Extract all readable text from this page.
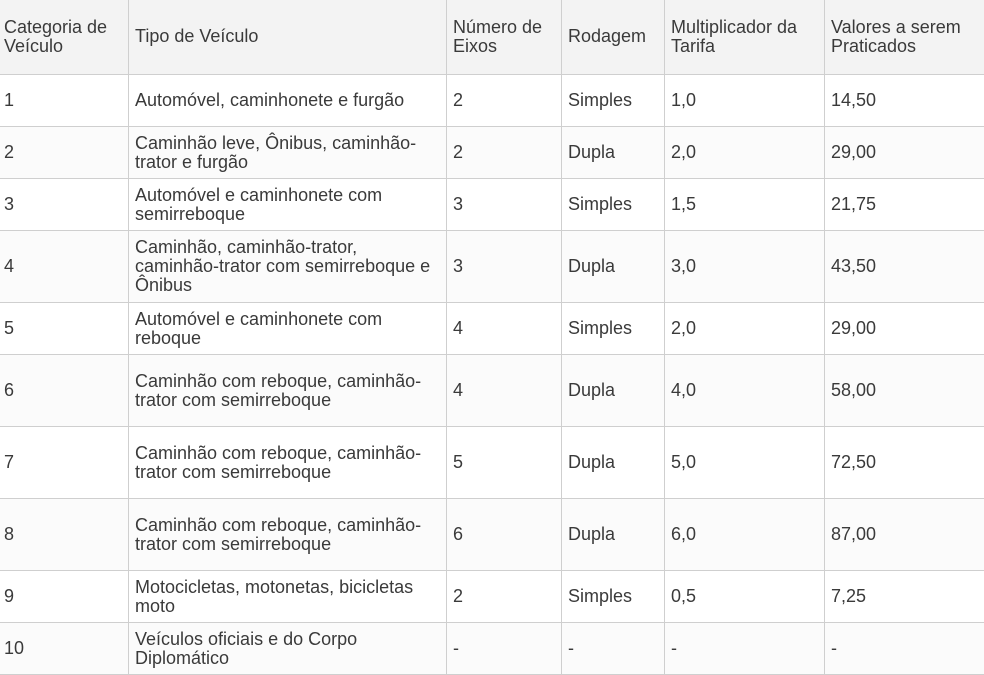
Categoria de Veículo	Tipo de Veículo	Número de Eixos	Rodagem	Multiplicador da Tarifa	Valores a serem Praticados
1	Automóvel, caminhonete e furgão	2	Simples	1,0	14,50
2	Caminhão leve, Ônibus, caminhão-trator e furgão	2	Dupla	2,0	29,00
3	Automóvel e caminhonete com semirreboque	3	Simples	1,5	21,75
4	Caminhão, caminhão-trator, caminhão-trator com semirreboque e Ônibus	3	Dupla	3,0	43,50
5	Automóvel e caminhonete com reboque	4	Simples	2,0	29,00
6	Caminhão com reboque, caminhão-trator com semirreboque	4	Dupla	4,0	58,00
7	Caminhão com reboque, caminhão-trator com semirreboque	5	Dupla	5,0	72,50
8	Caminhão com reboque, caminhão-trator com semirreboque	6	Dupla	6,0	87,00
9	Motocicletas, motonetas, bicicletas moto	2	Simples	0,5	7,25
10	Veículos oficiais e do Corpo Diplomático	-	-	-	-
